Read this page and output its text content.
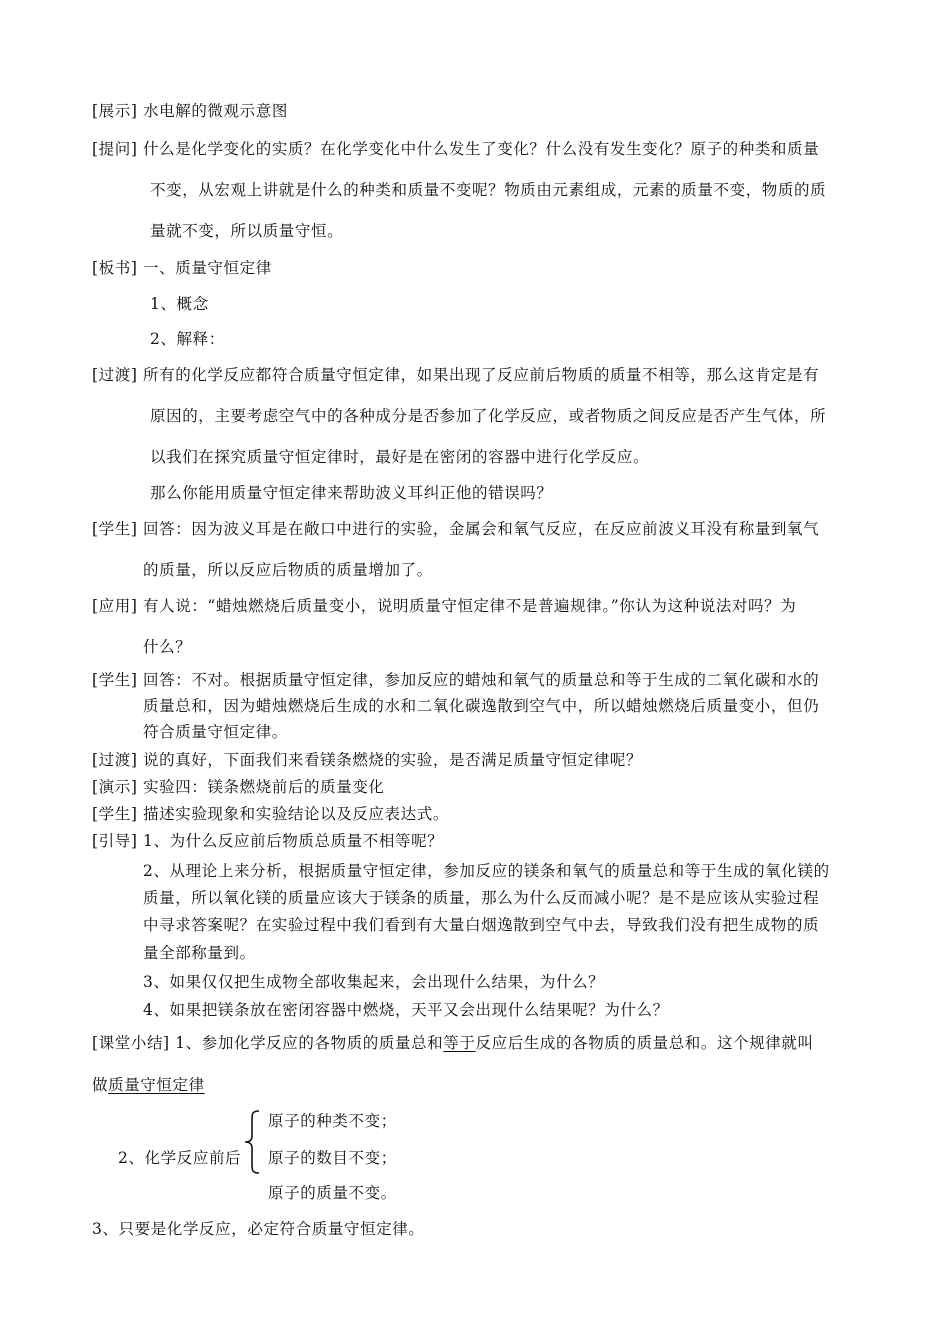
[展示] 水电解的微观示意图
[提问] 什么是化学变化的实质？在化学变化中什么发生了变化？什么没有发生变化？原子的种类和质量
不变，从宏观上讲就是什么的种类和质量不变呢？物质由元素组成，元素的质量不变，物质的质
量就不变，所以质量守恒。
[板书] 一、质量守恒定律
1、概念
2、解释：
[过渡] 所有的化学反应都符合质量守恒定律，如果出现了反应前后物质的质量不相等，那么这肯定是有
原因的，主要考虑空气中的各种成分是否参加了化学反应，或者物质之间反应是否产生气体，所
以我们在探究质量守恒定律时，最好是在密闭的容器中进行化学反应。
那么你能用质量守恒定律来帮助波义耳纠正他的错误吗？
[学生] 回答：因为波义耳是在敞口中进行的实验，金属会和氧气反应，在反应前波义耳没有称量到氧气
的质量，所以反应后物质的质量增加了。
[应用] 有人说：“蜡烛燃烧后质量变小，说明质量守恒定律不是普遍规律。”你认为这种说法对吗？为
什么？
[学生] 回答：不对。根据质量守恒定律，参加反应的蜡烛和氧气的质量总和等于生成的二氧化碳和水的
质量总和，因为蜡烛燃烧后生成的水和二氧化碳逸散到空气中，所以蜡烛燃烧后质量变小，但仍
符合质量守恒定律。
[过渡] 说的真好，下面我们来看镁条燃烧的实验，是否满足质量守恒定律呢？
[演示] 实验四：镁条燃烧前后的质量变化
[学生] 描述实验现象和实验结论以及反应表达式。
[引导] 1、为什么反应前后物质总质量不相等呢？
2、从理论上来分析，根据质量守恒定律，参加反应的镁条和氧气的质量总和等于生成的氧化镁的
质量，所以氧化镁的质量应该大于镁条的质量，那么为什么反而减小呢？是不是应该从实验过程
中寻求答案呢？在实验过程中我们看到有大量白烟逸散到空气中去，导致我们没有把生成物的质
量全部称量到。
3、如果仅仅把生成物全部收集起来，会出现什么结果，为什么？
4、如果把镁条放在密闭容器中燃烧，天平又会出现什么结果呢？为什么？
[课堂小结] 1、参加化学反应的各物质的质量总和等于反应后生成的各物质的质量总和。这个规律就叫
做质量守恒定律
2、化学反应前后
原子的种类不变；
原子的数目不变；
原子的质量不变。
3、只要是化学反应，必定符合质量守恒定律。
